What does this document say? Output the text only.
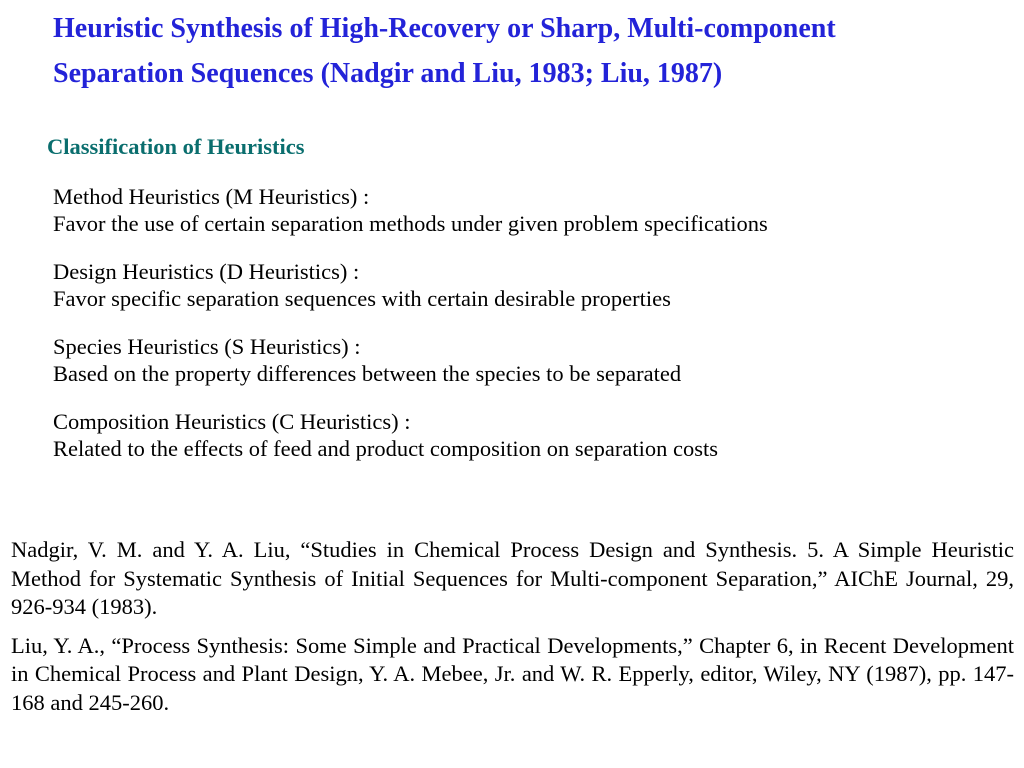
Heuristic Synthesis of High-Recovery or Sharp, Multi-component
Separation Sequences (Nadgir and Liu, 1983; Liu, 1987)
Classification of Heuristics
Method Heuristics (M Heuristics) :
Favor the use of certain separation methods under given problem specifications
Design Heuristics (D Heuristics) :
Favor specific separation sequences with certain desirable properties
Species Heuristics (S Heuristics) :
Based on the property differences between the species to be separated
Composition Heuristics (C Heuristics) :
Related to the effects of feed and product composition on separation costs

Nadgir, V. M. and Y. A. Liu, “Studies in Chemical Process Design and Synthesis. 5. A Simple Heuristic Method for Systematic Synthesis of Initial Sequences for Multi-component Separation,” AIChE Journal, 29, 926-934 (1983).

Liu, Y. A., “Process Synthesis: Some Simple and Practical Developments,” Chapter 6, in Recent Development in Chemical Process and Plant Design, Y. A. Mebee, Jr. and W. R. Epperly, editor, Wiley, NY (1987), pp. 147-168 and 245-260.
